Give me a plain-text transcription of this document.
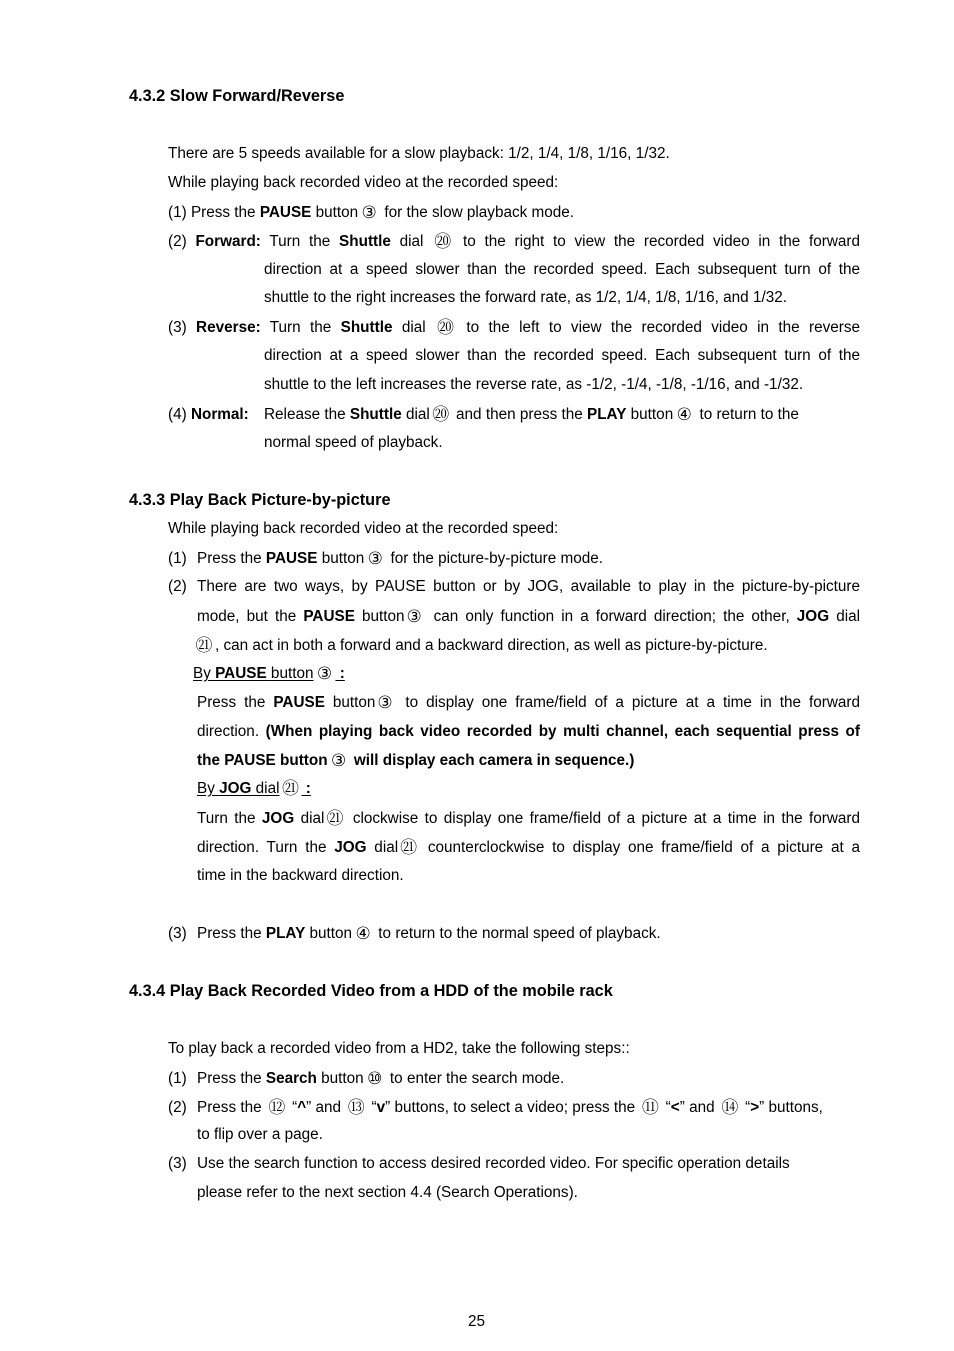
4.3.2 Slow Forward/Reverse
There are 5 speeds available for a slow playback: 1/2, 1/4, 1/8, 1/16, 1/32.
While playing back recorded video at the recorded speed:
(1) Press the PAUSE button ③ for the slow playback mode.
(2) Forward: Turn the Shuttle dial ⑳ to the right to view the recorded video in the forward
direction at a speed slower than the recorded speed. Each subsequent turn of the
shuttle to the right increases the forward rate, as 1/2, 1/4, 1/8, 1/16, and 1/32.
(3) Reverse: Turn the Shuttle dial ⑳ to the left to view the recorded video in the reverse
direction at a speed slower than the recorded speed. Each subsequent turn of the
shuttle to the left increases the reverse rate, as -1/2, -1/4, -1/8, -1/16, and -1/32.
(4) Normal: Release the Shuttle dial ⑳ and then press the PLAY button ④ to return to the
normal speed of playback.
4.3.3 Play Back Picture-by-picture
While playing back recorded video at the recorded speed:
(1) Press the PAUSE button ③ for the picture-by-picture mode.
(2) There are two ways, by PAUSE button or by JOG, available to play in the picture-by-picture
mode, but the PAUSE button ③ can only function in a forward direction; the other, JOG dial
㉑ , can act in both a forward and a backward direction, as well as picture-by-picture.
By PAUSE button ③ :
Press the PAUSE button ③ to display one frame/field of a picture at a time in the forward
direction. (When playing back video recorded by multi channel, each sequential press of
the PAUSE button ③ will display each camera in sequence.)
By JOG dial ㉑ :
Turn the JOG dial ㉑ clockwise to display one frame/field of a picture at a time in the forward
direction. Turn the JOG dial ㉑ counterclockwise to display one frame/field of a picture at a
time in the backward direction.
(3) Press the PLAY button ④ to return to the normal speed of playback.
4.3.4 Play Back Recorded Video from a HDD of the mobile rack
To play back a recorded video from a HD2, take the following steps::
(1) Press the Search button ⑩ to enter the search mode.
(2) Press the ⑫ “^” and ⑬ “v” buttons, to select a video; press the ⑪ “<” and ⑭ “>” buttons,
to flip over a page.
(3) Use the search function to access desired recorded video. For specific operation details
please refer to the next section 4.4 (Search Operations).
25
